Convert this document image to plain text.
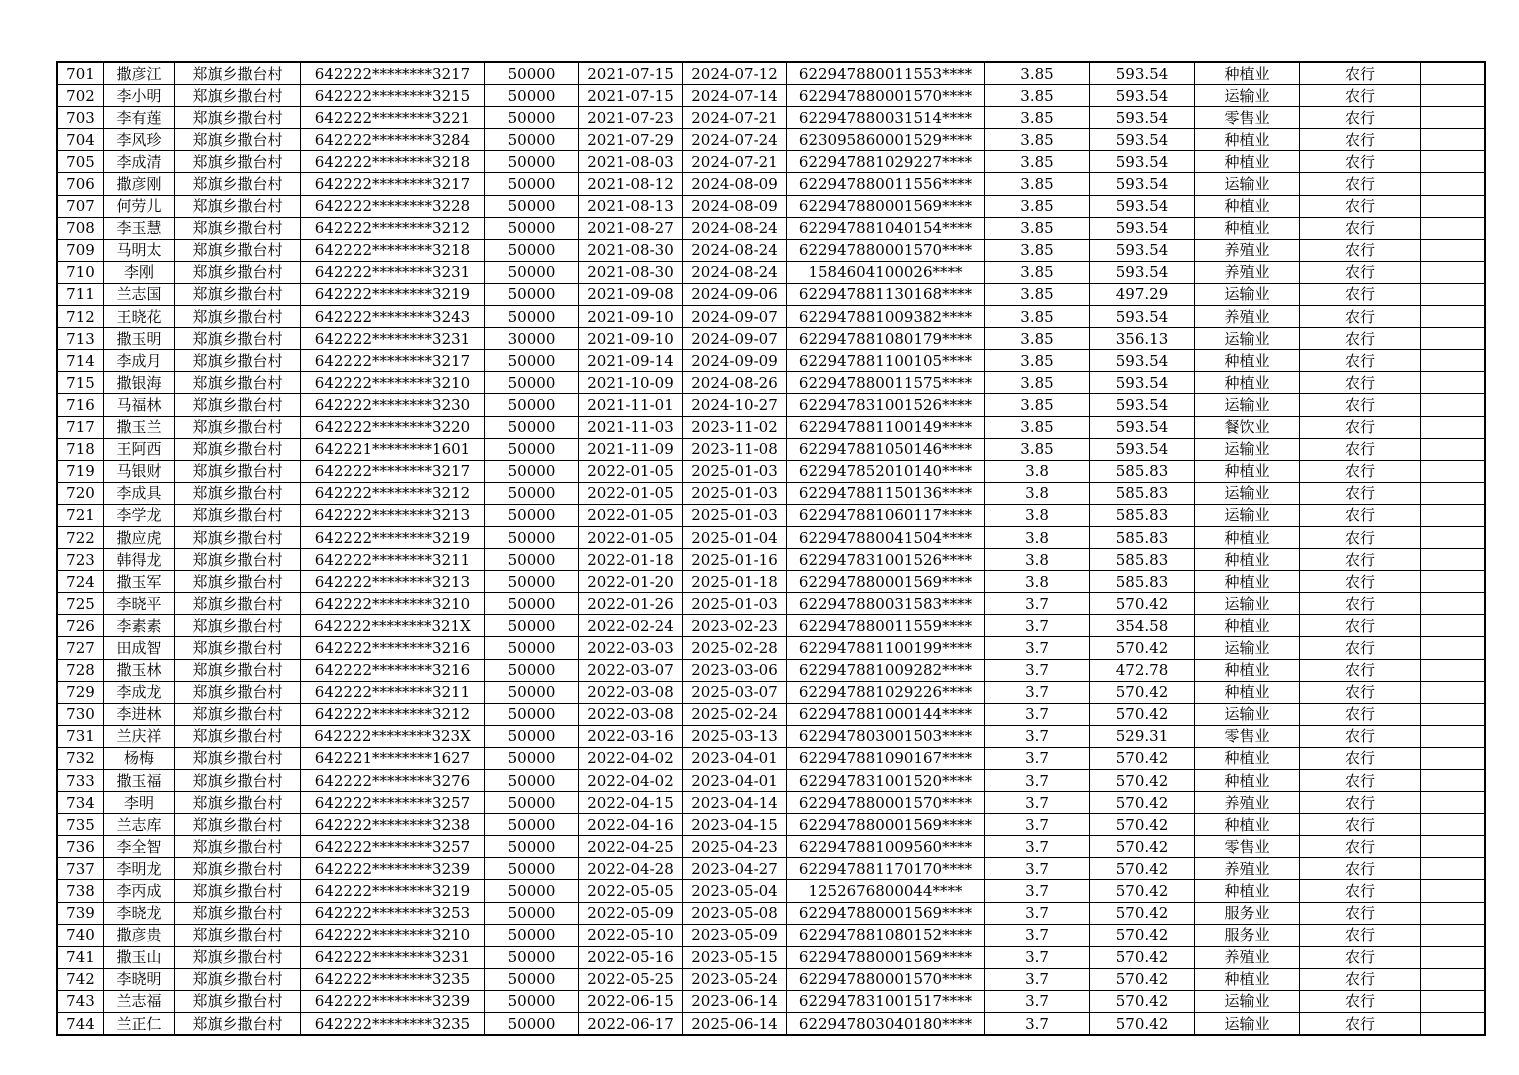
701	撒彦江	郑旗乡撒台村	642222********3217	50000	2021-07-15	2024-07-12	622947880011553****	3.85	593.54	种植业	农行	
702	李小明	郑旗乡撒台村	642222********3215	50000	2021-07-15	2024-07-14	622947880001570****	3.85	593.54	运输业	农行	
703	李有莲	郑旗乡撒台村	642222********3221	50000	2021-07-23	2024-07-21	622947880031514****	3.85	593.54	零售业	农行	
704	李风珍	郑旗乡撒台村	642222********3284	50000	2021-07-29	2024-07-24	623095860001529****	3.85	593.54	种植业	农行	
705	李成清	郑旗乡撒台村	642222********3218	50000	2021-08-03	2024-07-21	622947881029227****	3.85	593.54	种植业	农行	
706	撒彦刚	郑旗乡撒台村	642222********3217	50000	2021-08-12	2024-08-09	622947880011556****	3.85	593.54	运输业	农行	
707	何劳儿	郑旗乡撒台村	642222********3228	50000	2021-08-13	2024-08-09	622947880001569****	3.85	593.54	种植业	农行	
708	李玉慧	郑旗乡撒台村	642222********3212	50000	2021-08-27	2024-08-24	622947881040154****	3.85	593.54	种植业	农行	
709	马明太	郑旗乡撒台村	642222********3218	50000	2021-08-30	2024-08-24	622947880001570****	3.85	593.54	养殖业	农行	
710	李刚	郑旗乡撒台村	642222********3231	50000	2021-08-30	2024-08-24	1584604100026****	3.85	593.54	养殖业	农行	
711	兰志国	郑旗乡撒台村	642222********3219	50000	2021-09-08	2024-09-06	622947881130168****	3.85	497.29	运输业	农行	
712	王晓花	郑旗乡撒台村	642222********3243	50000	2021-09-10	2024-09-07	622947881009382****	3.85	593.54	养殖业	农行	
713	撒玉明	郑旗乡撒台村	642222********3231	30000	2021-09-10	2024-09-07	622947881080179****	3.85	356.13	运输业	农行	
714	李成月	郑旗乡撒台村	642222********3217	50000	2021-09-14	2024-09-09	622947881100105****	3.85	593.54	种植业	农行	
715	撒银海	郑旗乡撒台村	642222********3210	50000	2021-10-09	2024-08-26	622947880011575****	3.85	593.54	种植业	农行	
716	马福林	郑旗乡撒台村	642222********3230	50000	2021-11-01	2024-10-27	622947831001526****	3.85	593.54	运输业	农行	
717	撒玉兰	郑旗乡撒台村	642222********3220	50000	2021-11-03	2023-11-02	622947881100149****	3.85	593.54	餐饮业	农行	
718	王阿西	郑旗乡撒台村	642221********1601	50000	2021-11-09	2023-11-08	622947881050146****	3.85	593.54	运输业	农行	
719	马银财	郑旗乡撒台村	642222********3217	50000	2022-01-05	2025-01-03	622947852010140****	3.8	585.83	种植业	农行	
720	李成具	郑旗乡撒台村	642222********3212	50000	2022-01-05	2025-01-03	622947881150136****	3.8	585.83	运输业	农行	
721	李学龙	郑旗乡撒台村	642222********3213	50000	2022-01-05	2025-01-03	622947881060117****	3.8	585.83	运输业	农行	
722	撒应虎	郑旗乡撒台村	642222********3219	50000	2022-01-05	2025-01-04	622947880041504****	3.8	585.83	种植业	农行	
723	韩得龙	郑旗乡撒台村	642222********3211	50000	2022-01-18	2025-01-16	622947831001526****	3.8	585.83	种植业	农行	
724	撒玉军	郑旗乡撒台村	642222********3213	50000	2022-01-20	2025-01-18	622947880001569****	3.8	585.83	种植业	农行	
725	李晓平	郑旗乡撒台村	642222********3210	50000	2022-01-26	2025-01-03	622947880031583****	3.7	570.42	运输业	农行	
726	李素素	郑旗乡撒台村	642222********321X	50000	2022-02-24	2023-02-23	622947880011559****	3.7	354.58	种植业	农行	
727	田成智	郑旗乡撒台村	642222********3216	50000	2022-03-03	2025-02-28	622947881100199****	3.7	570.42	运输业	农行	
728	撒玉林	郑旗乡撒台村	642222********3216	50000	2022-03-07	2023-03-06	622947881009282****	3.7	472.78	种植业	农行	
729	李成龙	郑旗乡撒台村	642222********3211	50000	2022-03-08	2025-03-07	622947881029226****	3.7	570.42	种植业	农行	
730	李进林	郑旗乡撒台村	642222********3212	50000	2022-03-08	2025-02-24	622947881000144****	3.7	570.42	运输业	农行	
731	兰庆祥	郑旗乡撒台村	642222********323X	50000	2022-03-16	2025-03-13	622947803001503****	3.7	529.31	零售业	农行	
732	杨梅	郑旗乡撒台村	642221********1627	50000	2022-04-02	2023-04-01	622947881090167****	3.7	570.42	种植业	农行	
733	撒玉福	郑旗乡撒台村	642222********3276	50000	2022-04-02	2023-04-01	622947831001520****	3.7	570.42	种植业	农行	
734	李明	郑旗乡撒台村	642222********3257	50000	2022-04-15	2023-04-14	622947880001570****	3.7	570.42	养殖业	农行	
735	兰志库	郑旗乡撒台村	642222********3238	50000	2022-04-16	2023-04-15	622947880001569****	3.7	570.42	种植业	农行	
736	李全智	郑旗乡撒台村	642222********3257	50000	2022-04-25	2025-04-23	622947881009560****	3.7	570.42	零售业	农行	
737	李明龙	郑旗乡撒台村	642222********3239	50000	2022-04-28	2023-04-27	622947881170170****	3.7	570.42	养殖业	农行	
738	李丙成	郑旗乡撒台村	642222********3219	50000	2022-05-05	2023-05-04	1252676800044****	3.7	570.42	种植业	农行	
739	李晓龙	郑旗乡撒台村	642222********3253	50000	2022-05-09	2023-05-08	622947880001569****	3.7	570.42	服务业	农行	
740	撒彦贵	郑旗乡撒台村	642222********3210	50000	2022-05-10	2023-05-09	622947881080152****	3.7	570.42	服务业	农行	
741	撒玉山	郑旗乡撒台村	642222********3231	50000	2022-05-16	2023-05-15	622947880001569****	3.7	570.42	养殖业	农行	
742	李晓明	郑旗乡撒台村	642222********3235	50000	2022-05-25	2023-05-24	622947880001570****	3.7	570.42	种植业	农行	
743	兰志福	郑旗乡撒台村	642222********3239	50000	2022-06-15	2023-06-14	622947831001517****	3.7	570.42	运输业	农行	
744	兰正仁	郑旗乡撒台村	642222********3235	50000	2022-06-17	2025-06-14	622947803040180****	3.7	570.42	运输业	农行	
